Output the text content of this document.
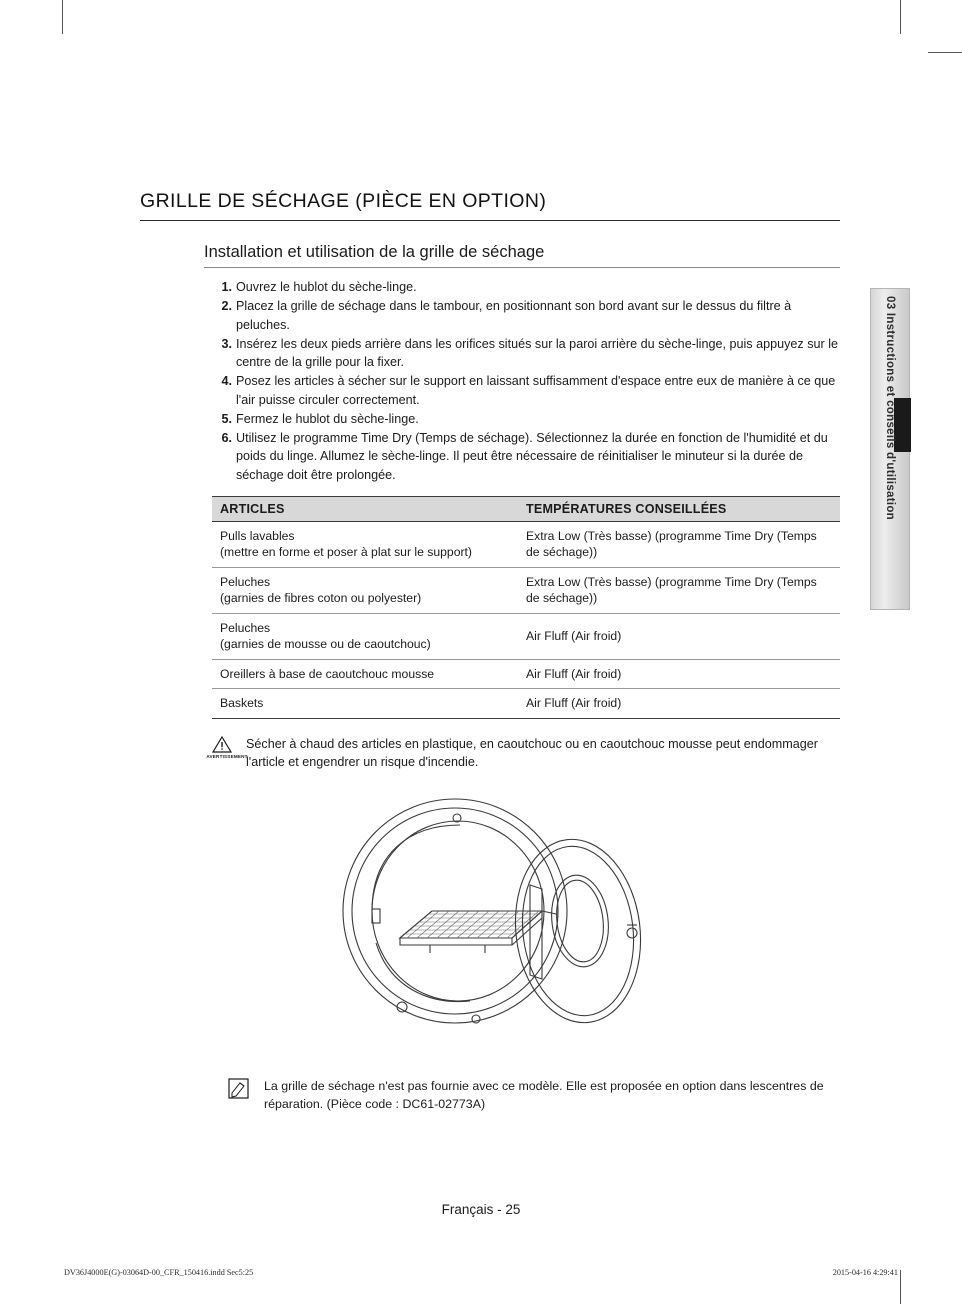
03 Instructions et conseils d'utilisation
GRILLE DE SÉCHAGE (PIÈCE EN OPTION)
Installation et utilisation de la grille de séchage
1. Ouvrez le hublot du sèche-linge.
2. Placez la grille de séchage dans le tambour, en positionnant son bord avant sur le dessus du filtre à peluches.
3. Insérez les deux pieds arrière dans les orifices situés sur la paroi arrière du sèche-linge, puis appuyez sur le centre de la grille pour la fixer.
4. Posez les articles à sécher sur le support en laissant suffisamment d'espace entre eux de manière à ce que l'air puisse circuler correctement.
5. Fermez le hublot du sèche-linge.
6. Utilisez le programme Time Dry (Temps de séchage). Sélectionnez la durée en fonction de l'humidité et du poids du linge. Allumez le sèche-linge. Il peut être nécessaire de réinitialiser le minuteur si la durée de séchage doit être prolongée.
ARTICLES	TEMPÉRATURES CONSEILLÉES
Pulls lavables
(mettre en forme et poser à plat sur le support)	Extra Low (Très basse) (programme Time Dry (Temps de séchage))
Peluches
(garnies de fibres coton ou polyester)	Extra Low (Très basse) (programme Time Dry (Temps de séchage))
Peluches
(garnies de mousse ou de caoutchouc)	Air Fluff (Air froid)
Oreillers à base de caoutchouc mousse	Air Fluff (Air froid)
Baskets	Air Fluff (Air froid)
AVERTISSEMENT
Sécher à chaud des articles en plastique, en caoutchouc ou en caoutchouc mousse peut endommager l'article et engendrer un risque d'incendie.
La grille de séchage n'est pas fournie avec ce modèle. Elle est proposée en option dans lescentres de réparation. (Pièce code : DC61-02773A)
Français - 25
DV36J4000E(G)-03064D-00_CFR_150416.indd Sec5:25	2015-04-16 4:29:41
